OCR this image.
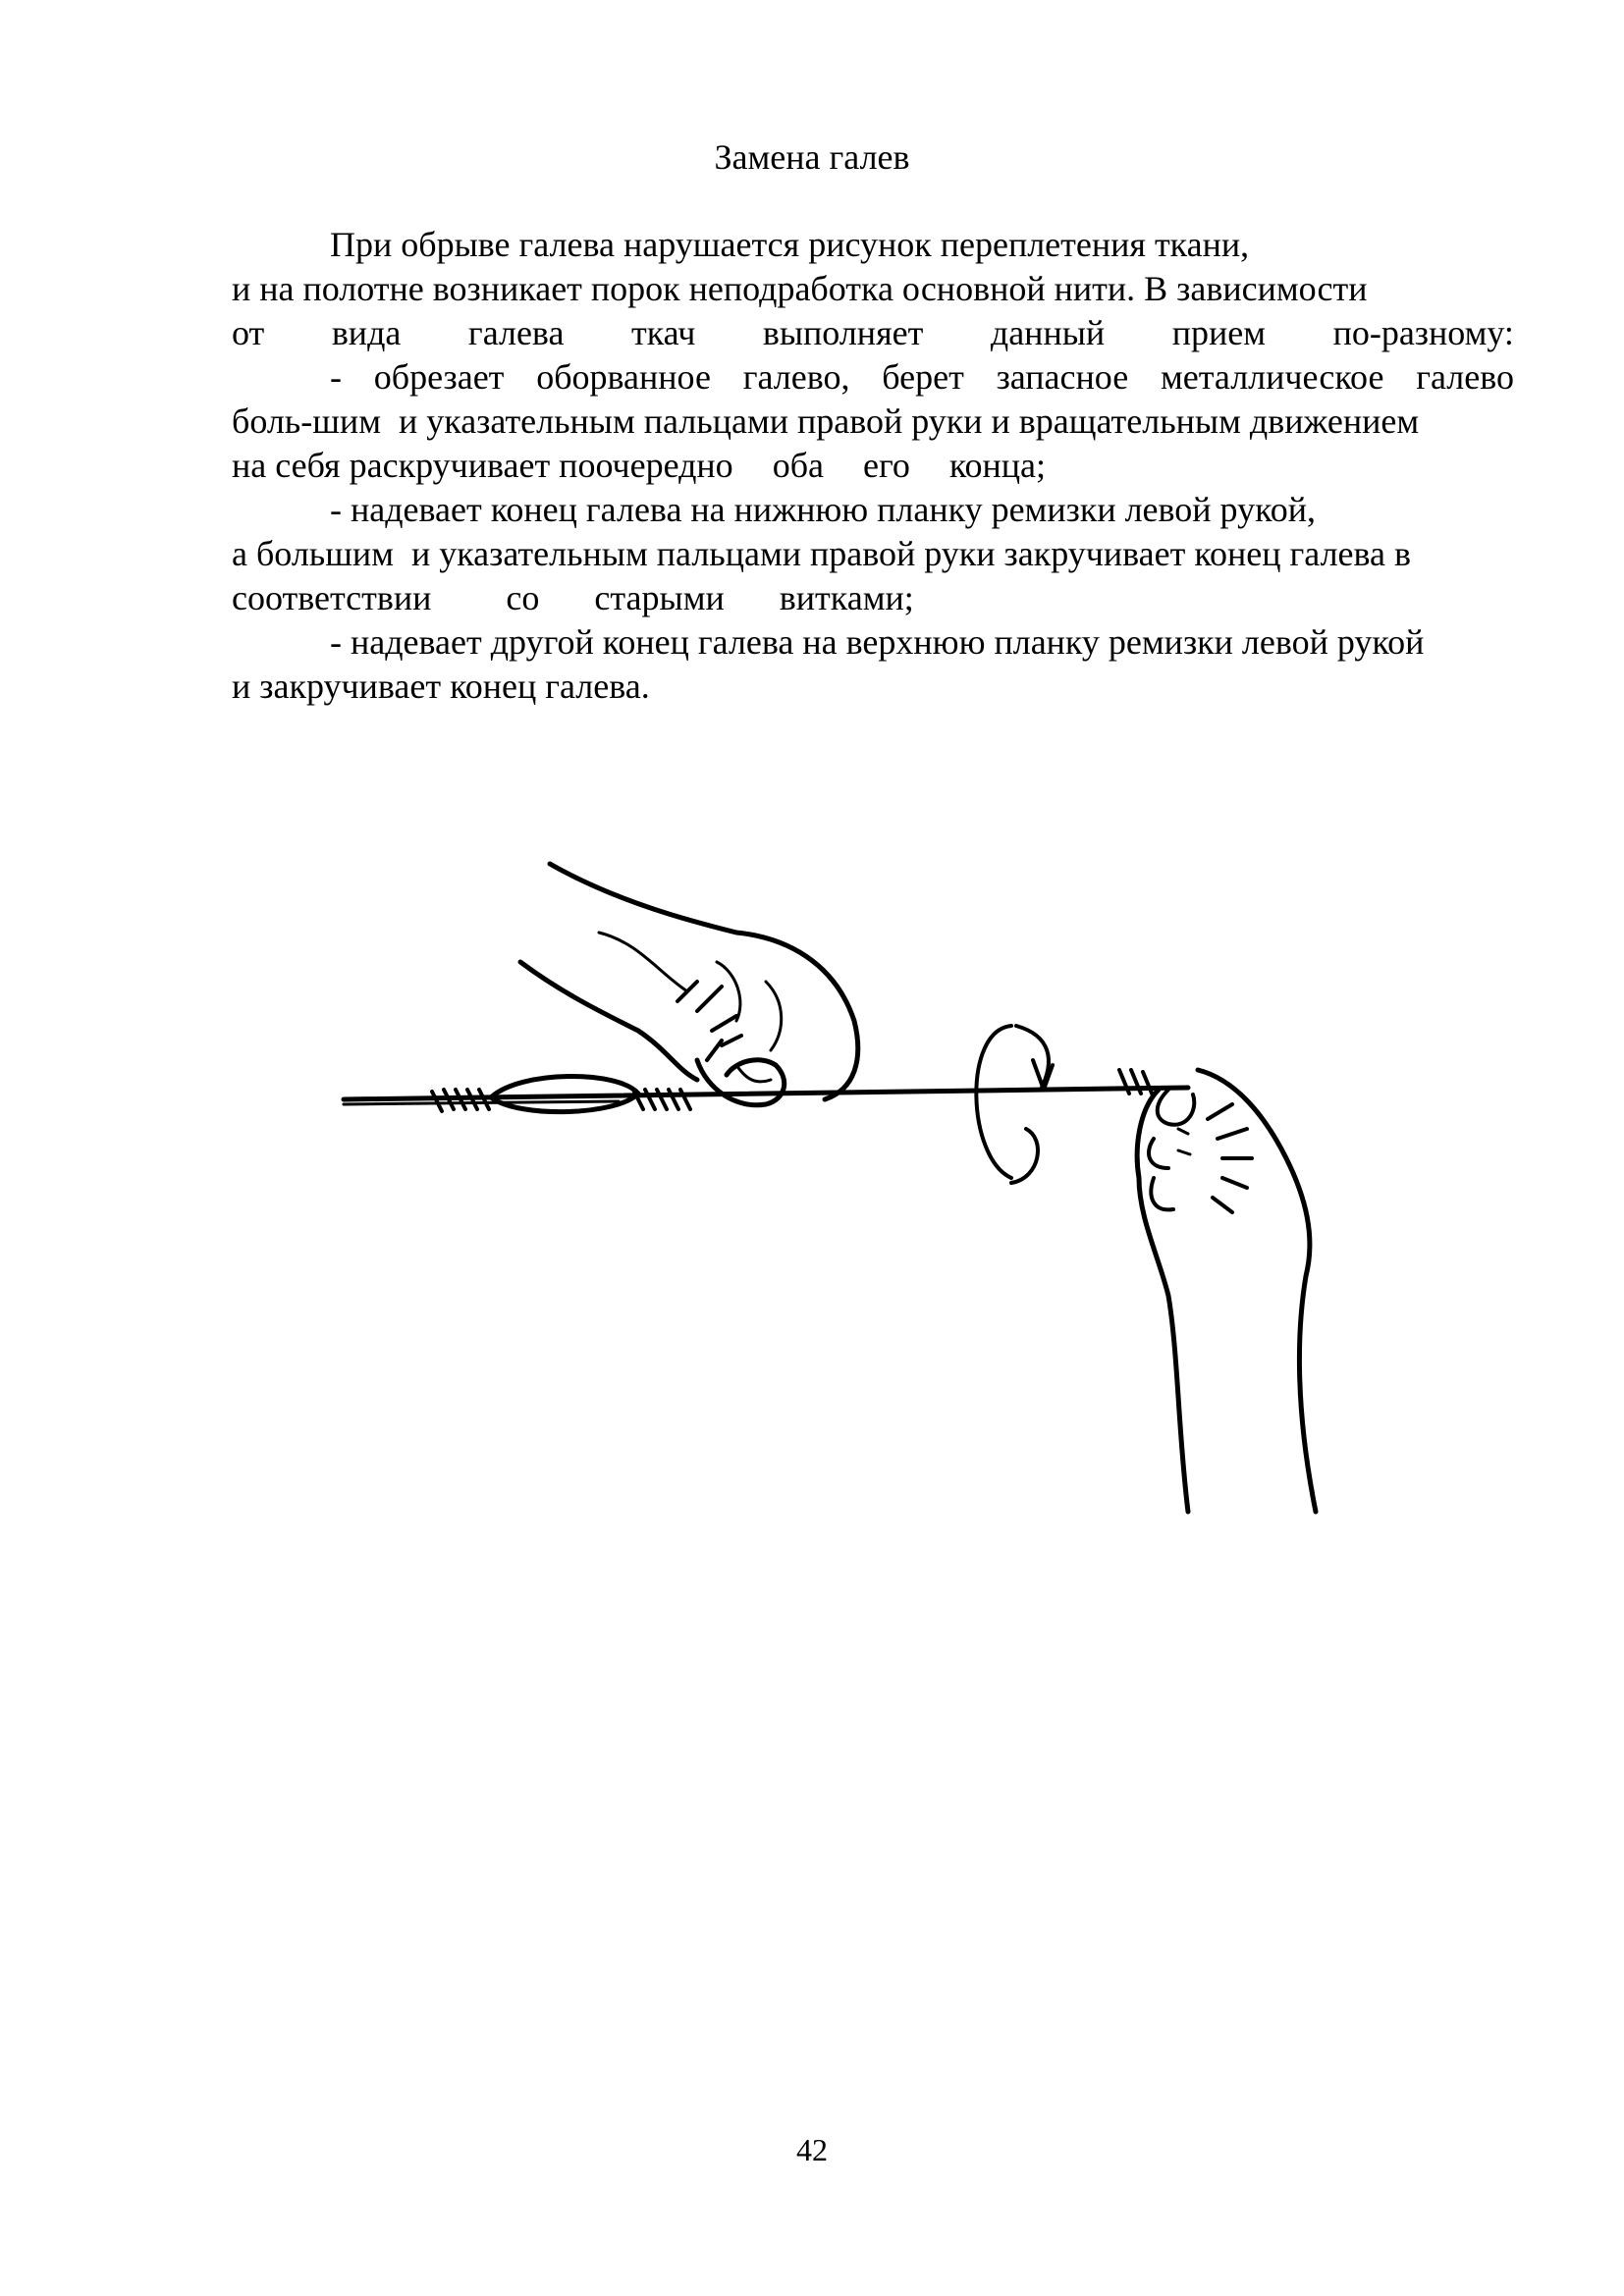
Замена галев
При обрыве галева нарушается рисунок переплетения ткани,
и на полотне возникает порок неподработка основной нити. В зависимости
от вида галева ткач выполняет данный прием по-разному:
- обрезает оборванное галево, берет запасное металлическое галево
боль-шим  и указательным пальцами правой руки и вращательным движением
на себя раскручивает поочередно оба его конца;
- надевает конец галева на нижнюю планку ремизки левой рукой,
а большим  и указательным пальцами правой руки закручивает конец галева в
соответствии со старыми витками;
- надевает другой конец галева на верхнюю планку ремизки левой рукой
и закручивает конец галева.
42
